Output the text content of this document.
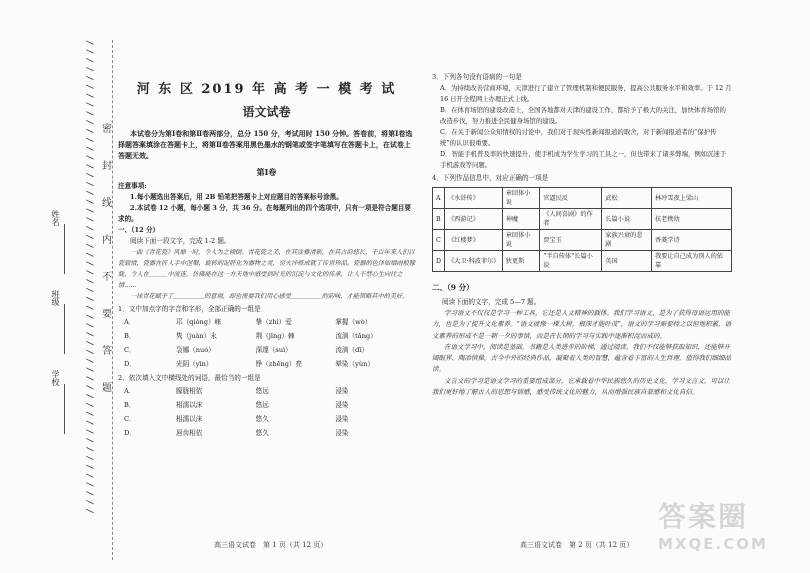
姓名
班级
学校	/ / / / / / / / / / / / / / / / / / / / / / / / / / / / / / / / / / / / / / / / / / / / / / / / / / / / / / 密
封
线
内
不
要
答
题
河 东 区 2019 年 高 考 一 模 考 试
语文试卷

本试卷分为第Ⅰ卷和第Ⅱ卷两部分，总分 150 分，考试用时 150 分钟。答卷前，将第Ⅰ卷选择题答案填涂在答题卡上，将第Ⅱ卷答案用黑色墨水的钢笔或签字笔填写在答题卡上，在试卷上答题无效。

第Ⅰ卷

注意事项:

1.每小题选出答案后，用 2B 铅笔把答题卡上对应题目的答案标号涂黑。

2.本试卷 12 小题，每小题 3 分，共 36 分。在每题列出的四个选项中，只有一项是符合题目要求的。

一、（12 分）

阅读下面一段文字，完成 1-2 题。

一曲《青花瓷》风靡一时，令人为之倾倒。青花瓷之美，在其淡雅清新，在其古韵悠长，千百年来人们以瓷载情，瓷器在匠人手中涅槃，旋转的泥胚化为器物之灵，窑火淬炼成就了传世珍品。瓷器的色泽如烟雨般朦胧，令人在＿＿＿中流连，仿佛能在这一方天地中感受到时光的沉淀与文化的传承，让人不禁心生向往之情……

一抹青花赋予了＿＿＿＿＿的意境，却也需要我们用心感受＿＿＿＿＿的韵味，才能领略其中的美好。

1．文中加点字的字音和字形，全部正确的一组是

A．	邛（qióng）崃	挚（zhì）爱	掌握（wò）
B．	隽（juàn）永	荆（jīng）棘	流淌（tǎng）
C．	袅娜（nuó）	深邃（suì）	流淌（dī）
D．	光阴（yīn）	铮（zhēng）亮	晕染（yùn）

2．依次填入文中横线处的词语，最恰当的一组是

A．	朦胧相依	悠远	浸染
B．	相濡以沫	悠远	浸染
C．	相濡以沫	悠久	浸染
D．	唇齿相依	悠久	浸染
高三语文试卷　第 1 页（共 12 页）

3．下列各句没有语病的一句是

A．为持续改善营商环境，天津进行了建立了管理机制和便民服务，提高公共服务水平和效率。于 12 月 16 日开全程网上办理正式上线。

B．在体育场馆的建设改造上，全国各地都对天津的建设工作，都给予了极大的关注，加快体育场馆的改造步伐，努力推进全民健身场馆的建设。

C．在关于新闻公众知情权的讨论中，我们对于现实性新闻报道的取舍，对于新闻报道者的“保护传统”的认识很重要。

D．智能手机普及率的快速提升，使手机成为学生学习的工具之一，但也带来了诸多弊端，例如沉迷于手机游戏等问题。

4．下列作品信息中，对应正确的一项是

A	《水浒传》	章回体小说	官逼民反	武松	林冲雪夜上梁山
B	《西游记》	神魔	《人间喜剧》的作者	长篇小说	扶老携幼
C	《红楼梦》	章回体小说	贾宝玉	家族兴衰的悲剧	香菱学诗
D	《大卫·科波菲尔》	狄更斯	“半自传体”长篇小说	英国	我要让自己成为别人的依靠
二、（9 分）

阅读下面的文字，完成 5—7 题。

学习语文不仅仅是学习一种工具，它还是人文精神的载体。我们学习语文，是为了获得母语运用的能力，也是为了提升文化素养。“语文就像一棵大树，根深才能叶茂”，语文的学习需要持之以恒地积累，语文素养的形成不是一朝一夕的事情，而是在长期的学习与实践中逐渐积淀而成的。

在语文学习中，阅读是基础。书籍是人类进步的阶梯，通过阅读，我们不仅能够获取知识，还能够开阔眼界、陶冶情操。古今中外的经典作品，凝聚着人类的智慧，蕴含着丰富的人生哲理，值得我们细细品读。

文言文的学习是语文学习的重要组成部分，它承载着中华民族悠久的历史文化。学习文言文，可以让我们更好地了解古人的思想与情感，感受传统文化的魅力，从而增强民族自豪感和文化自信。

高三语文试卷　第 2 页（共 12 页）
答案圈
MXQE.COM
